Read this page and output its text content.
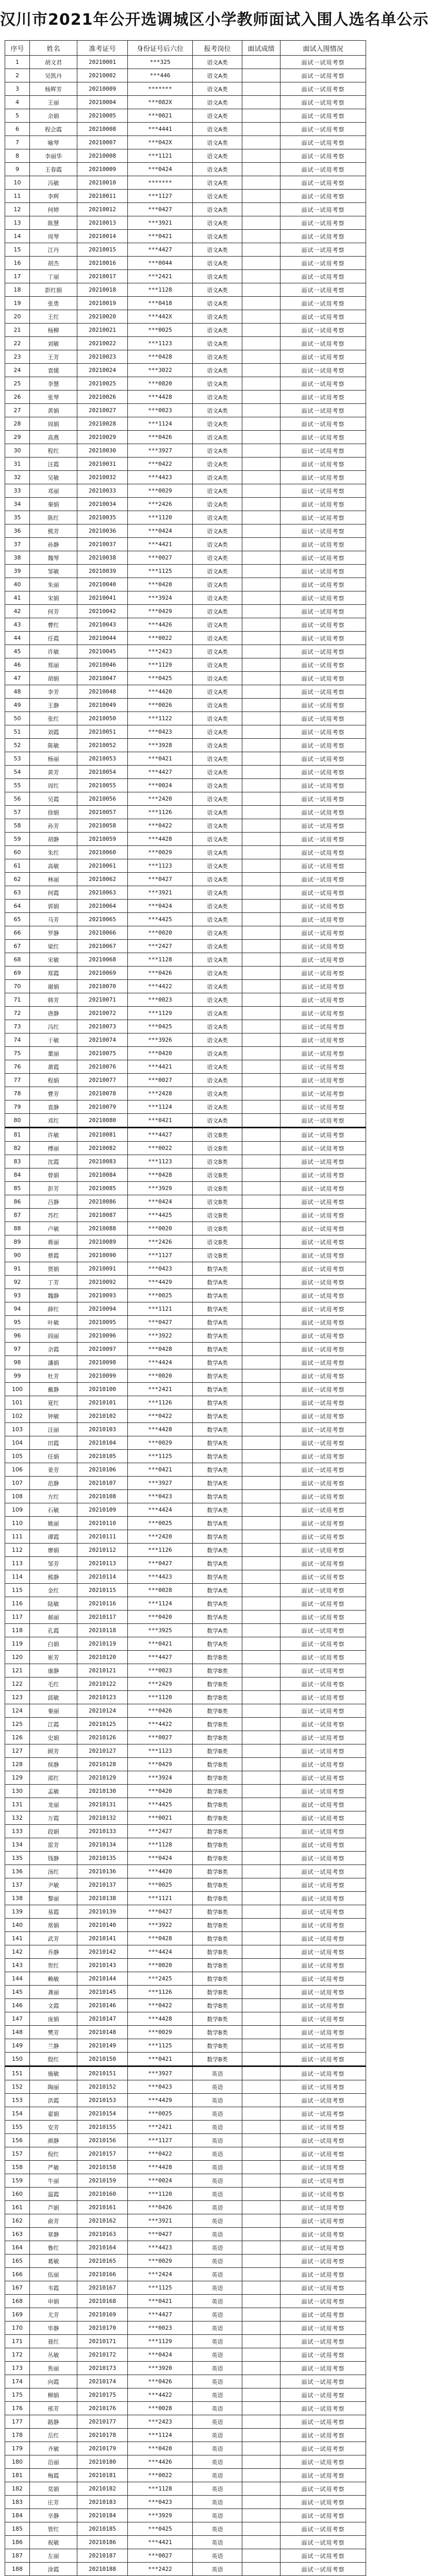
汉川市2021年公开选调城区小学教师面试入围人选名单公示
序号	姓名	准考证号	身份证号后六位	报考岗位	面试成绩	面试入围情况
1	胡文君	20210001	***325	语文A类		面试一试用考察
2	吴凯丹	20210002	***446	语文A类		面试一试用考察
3	杨辉芳	20210009	*******	语文A类		面试一试用考察
4	王丽	20210004	***082X	语文A类		面试一试用考察
5	余娟	20210005	***0021	语文A类		面试一试用考察
6	程会霞	20210008	***4441	语文A类		面试一试用考察
7	喻琴	20210007	***042X	语文A类		面试一试用考察
8	李丽华	20210008	***1121	语文A类		面试一试用考察
9	王春霞	20210009	***0424	语文A类		面试一试用考察
10	冯敏	20210010	*******	语文A类		面试一试用考察
11	李辉	20210011	***1127	语文A类		面试一试用考察
12	何婷	20210012	***0427	语文A类		面试一试用考察
13	陈慧	20210013	***3921	语文A类		面试一试用考察
14	周琴	20210014	***0421	语文A类		面试一试用考察
15	江丹	20210015	***4427	语文A类		面试一试用考察
16	胡杰	20210016	***0044	语文A类		面试一试用考察
17	丁丽	20210017	***2421	语文A类		面试一试用考察
18	彭红娟	20210018	***1128	语文A类		面试一试用考察
19	张勇	20210019	***0418	语文A类		面试一试用考察
20	王红	20210020	***442X	语文A类		面试一试用考察
21	杨柳	20210021	***0025	语文A类		面试一试用考察
22	刘敏	20210022	***1123	语文A类		面试一试用考察
23	王芳	20210023	***0428	语文A类		面试一试用考察
24	袁媛	20210024	***3022	语文A类		面试一试用考察
25	李慧	20210025	***0820	语文A类		面试一试用考察
26	张琴	20210026	***4428	语文A类		面试一试用考察
27	黄娟	20210027	***0023	语文A类		面试一试用考察
28	周娟	20210028	***1124	语文A类		面试一试用考察
29	高燕	20210029	***0426	语文A类		面试一试用考察
30	程红	20210030	***3927	语文A类		面试一试用考察
31	汪霞	20210031	***0422	语文A类		面试一试用考察
32	吴敏	20210032	***4423	语文A类		面试一试用考察
33	邓丽	20210033	***0029	语文A类		面试一试用考察
34	秦娟	20210034	***2426	语文A类		面试一试用考察
35	陈红	20210035	***1120	语文A类		面试一试用考察
36	熊芳	20210036	***0424	语文A类		面试一试用考察
37	孙静	20210037	***4421	语文A类		面试一试用考察
38	魏琴	20210038	***0027	语文A类		面试一试用考察
39	邹敏	20210039	***1125	语文A类		面试一试用考察
40	朱丽	20210040	***0420	语文A类		面试一试用考察
41	宋娟	20210041	***3924	语文A类		面试一试用考察
42	何芳	20210042	***0429	语文A类		面试一试用考察
43	曹红	20210043	***4426	语文A类		面试一试用考察
44	任霞	20210044	***0022	语文A类		面试一试用考察
45	许敏	20210045	***2423	语文A类		面试一试用考察
46	郑丽	20210046	***1129	语文A类		面试一试用考察
47	胡娟	20210047	***0425	语文A类		面试一试用考察
48	李芳	20210048	***4420	语文A类		面试一试用考察
49	王静	20210049	***0026	语文A类		面试一试用考察
50	张红	20210050	***1122	语文A类		面试一试用考察
51	刘霞	20210051	***0423	语文A类		面试一试用考察
52	陈敏	20210052	***3928	语文A类		面试一试用考察
53	杨丽	20210053	***0421	语文A类		面试一试用考察
54	黄芳	20210054	***4427	语文A类		面试一试用考察
55	周红	20210055	***0024	语文A类		面试一试用考察
56	吴霞	20210056	***2420	语文A类		面试一试用考察
57	徐娟	20210057	***1126	语文A类		面试一试用考察
58	孙芳	20210058	***0422	语文A类		面试一试用考察
59	胡静	20210059	***4428	语文A类		面试一试用考察
60	朱红	20210060	***0029	语文A类		面试一试用考察
61	高敏	20210061	***1123	语文A类		面试一试用考察
62	林丽	20210062	***0427	语文A类		面试一试用考察
63	何霞	20210063	***3921	语文A类		面试一试用考察
64	郭娟	20210064	***0424	语文A类		面试一试用考察
65	马芳	20210065	***4425	语文A类		面试一试用考察
66	罗静	20210066	***0020	语文A类		面试一试用考察
67	梁红	20210067	***2427	语文A类		面试一试用考察
68	宋敏	20210068	***1128	语文A类		面试一试用考察
69	郑霞	20210069	***0426	语文A类		面试一试用考察
70	谢娟	20210070	***4422	语文A类		面试一试用考察
71	韩芳	20210071	***0023	语文A类		面试一试用考察
72	唐静	20210072	***1129	语文A类		面试一试用考察
73	冯红	20210073	***0425	语文A类		面试一试用考察
74	于敏	20210074	***3926	语文A类		面试一试用考察
75	董丽	20210075	***0420	语文A类		面试一试用考察
76	萧霞	20210076	***4421	语文A类		面试一试用考察
77	程娟	20210077	***0027	语文A类		面试一试用考察
78	曹芳	20210078	***2428	语文A类		面试一试用考察
79	袁静	20210079	***1124	语文A类		面试一试用考察
80	邓红	20210080	***0421	语文A类		面试一试用考察
81	许敏	20210081	***4427	语文B类		面试一试用考察
82	傅丽	20210082	***0022	语文B类		面试一试用考察
83	沈霞	20210083	***1123	语文B类		面试一试用考察
84	曾娟	20210084	***0428	语文B类		面试一试用考察
85	彭芳	20210085	***3929	语文B类		面试一试用考察
86	吕静	20210086	***0424	语文B类		面试一试用考察
87	苏红	20210087	***4425	语文B类		面试一试用考察
88	卢敏	20210088	***0020	语文B类		面试一试用考察
89	蒋丽	20210089	***2426	语文B类		面试一试用考察
90	蔡霞	20210090	***1127	语文B类		面试一试用考察
91	贾娟	20210091	***0423	数学A类		面试一试用考察
92	丁芳	20210092	***4429	数学A类		面试一试用考察
93	魏静	20210093	***0025	数学A类		面试一试用考察
94	薛红	20210094	***1121	数学A类		面试一试用考察
95	叶敏	20210095	***0427	数学A类		面试一试用考察
96	阎丽	20210096	***3922	数学A类		面试一试用考察
97	余霞	20210097	***0428	数学A类		面试一试用考察
98	潘娟	20210098	***4424	数学A类		面试一试用考察
99	杜芳	20210099	***0020	数学A类		面试一试用考察
100	戴静	20210100	***2421	数学A类		面试一试用考察
101	夏红	20210101	***1126	数学A类		面试一试用考察
102	钟敏	20210102	***0422	数学A类		面试一试用考察
103	汪丽	20210103	***4428	数学A类		面试一试用考察
104	田霞	20210104	***0029	数学A类		面试一试用考察
105	任娟	20210105	***1125	数学A类		面试一试用考察
106	姜芳	20210106	***0421	数学A类		面试一试用考察
107	范静	20210107	***3927	数学A类		面试一试用考察
108	方红	20210108	***0423	数学A类		面试一试用考察
109	石敏	20210109	***4424	数学A类		面试一试用考察
110	姚丽	20210110	***0025	数学A类		面试一试用考察
111	谭霞	20210111	***2420	数学A类		面试一试用考察
112	廖娟	20210112	***1126	数学A类		面试一试用考察
113	邹芳	20210113	***0427	数学A类		面试一试用考察
114	熊静	20210114	***4423	数学A类		面试一试用考察
115	金红	20210115	***0028	数学A类		面试一试用考察
116	陆敏	20210116	***1124	数学A类		面试一试用考察
117	郝丽	20210117	***0420	数学A类		面试一试用考察
118	孔霞	20210118	***3925	数学A类		面试一试用考察
119	白娟	20210119	***0421	数学A类		面试一试用考察
120	崔芳	20210120	***4427	数学B类		面试一试用考察
121	康静	20210121	***0023	数学B类		面试一试用考察
122	毛红	20210122	***2429	数学B类		面试一试用考察
123	邱敏	20210123	***1120	数学B类		面试一试用考察
124	秦丽	20210124	***0426	数学B类		面试一试用考察
125	江霞	20210125	***4422	数学B类		面试一试用考察
126	史娟	20210126	***0027	数学B类		面试一试用考察
127	顾芳	20210127	***1123	数学B类		面试一试用考察
128	侯静	20210128	***0429	数学B类		面试一试用考察
129	邵红	20210129	***3924	数学B类		面试一试用考察
130	孟敏	20210130	***0420	数学B类		面试一试用考察
131	龙丽	20210131	***4425	数学B类		面试一试用考察
132	万霞	20210132	***0021	数学B类		面试一试用考察
133	段娟	20210133	***2427	数学B类		面试一试用考察
134	雷芳	20210134	***1128	数学B类		面试一试用考察
135	钱静	20210135	***0424	数学B类		面试一试用考察
136	汤红	20210136	***4420	数学B类		面试一试用考察
137	尹敏	20210137	***0025	数学B类		面试一试用考察
138	黎丽	20210138	***1121	数学B类		面试一试用考察
139	易霞	20210139	***0427	数学B类		面试一试用考察
140	常娟	20210140	***3922	数学B类		面试一试用考察
141	武芳	20210141	***0428	数学B类		面试一试用考察
142	乔静	20210142	***4424	数学B类		面试一试用考察
143	贺红	20210143	***0020	数学B类		面试一试用考察
144	赖敏	20210144	***2425	数学B类		面试一试用考察
145	龚丽	20210145	***1126	数学B类		面试一试用考察
146	文霞	20210146	***0422	数学B类		面试一试用考察
147	庞娟	20210147	***4428	数学B类		面试一试用考察
148	樊芳	20210148	***0029	数学B类		面试一试用考察
149	兰静	20210149	***1125	数学B类		面试一试用考察
150	殷红	20210150	***0421	数学B类		面试一试用考察
151	施敏	20210151	***3927	英语		面试一试用考察
152	陶丽	20210152	***0423	英语		面试一试用考察
153	洪霞	20210153	***4429	英语		面试一试用考察
154	翟娟	20210154	***0025	英语		面试一试用考察
155	安芳	20210155	***2421	英语		面试一试用考察
156	颜静	20210156	***1127	英语		面试一试用考察
157	倪红	20210157	***0422	英语		面试一试用考察
158	严敏	20210158	***4428	英语		面试一试用考察
159	牛丽	20210159	***0024	英语		面试一试用考察
160	温霞	20210160	***1120	英语		面试一试用考察
161	芦娟	20210161	***0426	英语		面试一试用考察
162	俞芳	20210162	***3921	英语		面试一试用考察
163	章静	20210163	***0427	英语		面试一试用考察
164	鲁红	20210164	***4423	英语		面试一试用考察
165	葛敏	20210165	***0029	英语		面试一试用考察
166	伍丽	20210166	***2424	英语		面试一试用考察
167	韦霞	20210167	***1125	英语		面试一试用考察
168	申娟	20210168	***0421	英语		面试一试用考察
169	尤芳	20210169	***4427	英语		面试一试用考察
170	毕静	20210170	***0023	英语		面试一试用考察
171	聂红	20210171	***1129	英语		面试一试用考察
172	丛敏	20210172	***0424	英语		面试一试用考察
173	焦丽	20210173	***3920	英语		面试一试用考察
174	向霞	20210174	***0426	英语		面试一试用考察
175	柳娟	20210175	***4422	英语		面试一试用考察
176	邢芳	20210176	***0028	英语		面试一试用考察
177	路静	20210177	***2423	英语		面试一试用考察
178	岳红	20210178	***1124	英语		面试一试用考察
179	齐敏	20210179	***0420	英语		面试一试用考察
180	沿丽	20210180	***4426	英语		面试一试用考察
181	梅霞	20210181	***0022	英语		面试一试用考察
182	莫娟	20210182	***1128	英语		面试一试用考察
183	庄芳	20210183	***0423	英语		面试一试用考察
184	辛静	20210184	***3929	英语		面试一试用考察
185	管红	20210185	***0425	英语		面试一试用考察
186	祝敏	20210186	***4421	英语		面试一试用考察
187	左丽	20210187	***0027	英语		面试一试用考察
188	涂霞	20210188	***2422	英语		面试一试用考察
